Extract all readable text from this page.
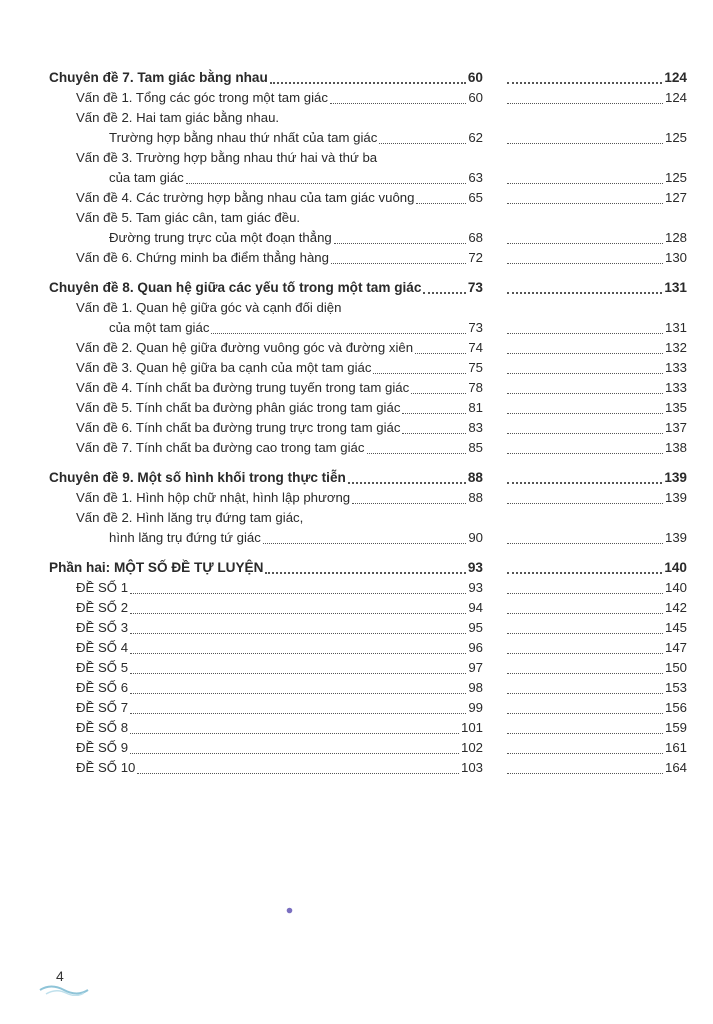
Chuyên đề 7. Tam giác bằng nhau	60	124
Vấn đề 1. Tổng các góc trong một tam giác	60	124
Vấn đề 2. Hai tam giác bằng nhau.
Trường hợp bằng nhau thứ nhất của tam giác	62	125
Vấn đề 3. Trường hợp bằng nhau thứ hai và thứ ba
của tam giác	63	125
Vấn đề 4. Các trường hợp bằng nhau của tam giác vuông	65	127
Vấn đề 5. Tam giác cân, tam giác đều.
Đường trung trực của một đoạn thẳng	68	128
Vấn đề 6. Chứng minh ba điểm thẳng hàng	72	130
Chuyên đề 8. Quan hệ giữa các yếu tố trong một tam giác	73	131
Vấn đề 1. Quan hệ giữa góc và cạnh đối diện
của một tam giác	73	131
Vấn đề 2. Quan hệ giữa đường vuông góc và đường xiên	74	132
Vấn đề 3. Quan hệ giữa ba cạnh của một tam giác	75	133
Vấn đề 4. Tính chất ba đường trung tuyến trong tam giác	78	133
Vấn đề 5. Tính chất ba đường phân giác trong tam giác	81	135
Vấn đề 6. Tính chất ba đường trung trực trong tam giác	83	137
Vấn đề 7. Tính chất ba đường cao trong tam giác	85	138
Chuyên đề 9. Một số hình khối trong thực tiễn	88	139
Vấn đề 1. Hình hộp chữ nhật, hình lập phương	88	139
Vấn đề 2. Hình lăng trụ đứng tam giác,
hình lăng trụ đứng tứ giác	90	139
Phần hai: MỘT SỐ ĐỀ TỰ LUYỆN	93	140
ĐỀ SỐ 1	93	140
ĐỀ SỐ 2	94	142
ĐỀ SỐ 3	95	145
ĐỀ SỐ 4	96	147
ĐỀ SỐ 5	97	150
ĐỀ SỐ 6	98	153
ĐỀ SỐ 7	99	156
ĐỀ SỐ 8	101	159
ĐỀ SỐ 9	102	161
ĐỀ SỐ 10	103	164
4
